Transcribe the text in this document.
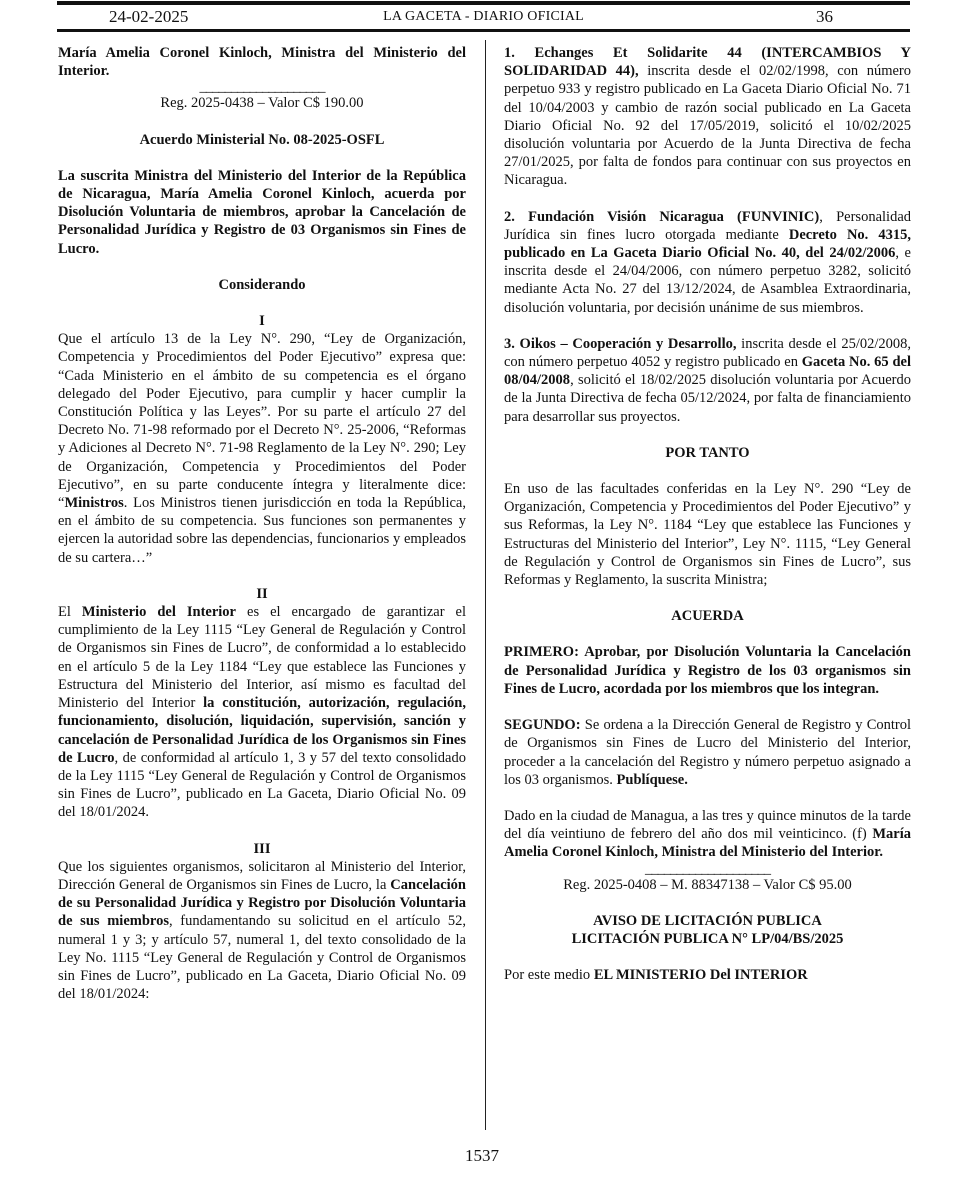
24-02-2025	LA GACETA - DIARIO OFICIAL	36

María Amelia Coronel Kinloch, Ministra del Ministerio del Interior.

____________________

Reg. 2025-0438 – Valor C$ 190.00

Acuerdo Ministerial No. 08-2025-OSFL

La suscrita Ministra del Ministerio del Interior de la República de Nicaragua, María Amelia Coronel Kinloch, acuerda por Disolución Voluntaria de miembros, aprobar la Cancelación de Personalidad Jurídica y Registro de 03 Organismos sin Fines de Lucro.

Considerando

I

Que el artículo 13 de la Ley N°. 290, “Ley de Organización, Competencia y Procedimientos del Poder Ejecutivo” expresa que: “Cada Ministerio en el ámbito de su competencia es el órgano delegado del Poder Ejecutivo, para cumplir y hacer cumplir la Constitución Política y las Leyes”. Por su parte el artículo 27 del Decreto No. 71-98 reformado por el Decreto N°. 25-2006, “Reformas y Adiciones al Decreto N°. 71-98 Reglamento de la Ley N°. 290; Ley de Organización, Competencia y Procedimientos del Poder Ejecutivo”, en su parte conducente íntegra y literalmente dice: “Ministros. Los Ministros tienen jurisdicción en toda la República, en el ámbito de su competencia. Sus funciones son permanentes y ejercen la autoridad sobre las dependencias, funcionarios y empleados de su cartera…”

II

El Ministerio del Interior es el encargado de garantizar el cumplimiento de la Ley 1115 “Ley General de Regulación y Control de Organismos sin Fines de Lucro”, de conformidad a lo establecido en el artículo 5 de la Ley 1184 “Ley que establece las Funciones y Estructura del Ministerio del Interior, así mismo es facultad del Ministerio del Interior la constitución, autorización, regulación, funcionamiento, disolución, liquidación, supervisión, sanción y cancelación de Personalidad Jurídica de los Organismos sin Fines de Lucro, de conformidad al artículo 1, 3 y 57 del texto consolidado de la Ley 1115 “Ley General de Regulación y Control de Organismos sin Fines de Lucro”, publicado en La Gaceta, Diario Oficial No. 09 del 18/01/2024.

III

Que los siguientes organismos, solicitaron al Ministerio del Interior, Dirección General de Organismos sin Fines de Lucro, la Cancelación de su Personalidad Jurídica y Registro por Disolución Voluntaria de sus miembros, fundamentando su solicitud en el artículo 52, numeral 1 y 3; y artículo 57, numeral 1, del texto consolidado de la Ley No. 1115 “Ley General de Regulación y Control de Organismos sin Fines de Lucro”, publicado en La Gaceta, Diario Oficial No. 09 del 18/01/2024:

1. Echanges Et Solidarite 44 (INTERCAMBIOS Y SOLIDARIDAD 44), inscrita desde el 02/02/1998, con número perpetuo 933 y registro publicado en La Gaceta Diario Oficial No. 71 del 10/04/2003 y cambio de razón social publicado en La Gaceta Diario Oficial No. 92 del 17/05/2019, solicitó el 10/02/2025 disolución voluntaria por Acuerdo de la Junta Directiva de fecha 27/01/2025, por falta de fondos para continuar con sus proyectos en Nicaragua.

2. Fundación Visión Nicaragua (FUNVINIC), Personalidad Jurídica sin fines lucro otorgada mediante Decreto No. 4315, publicado en La Gaceta Diario Oficial No. 40, del 24/02/2006, e inscrita desde el 24/04/2006, con número perpetuo 3282, solicitó mediante Acta No. 27 del 13/12/2024, de Asamblea Extraordinaria, disolución voluntaria, por decisión unánime de sus miembros.

3. Oikos – Cooperación y Desarrollo, inscrita desde el 25/02/2008, con número perpetuo 4052 y registro publicado en Gaceta No. 65 del 08/04/2008, solicitó el 18/02/2025 disolución voluntaria por Acuerdo de la Junta Directiva de fecha 05/12/2024, por falta de financiamiento para desarrollar sus proyectos.

POR TANTO

En uso de las facultades conferidas en la Ley N°. 290 “Ley de Organización, Competencia y Procedimientos del Poder Ejecutivo” y sus Reformas, la Ley N°. 1184 “Ley que establece las Funciones y Estructuras del Ministerio del Interior”, Ley N°. 1115, “Ley General de Regulación y Control de Organismos sin Fines de Lucro”, sus Reformas y Reglamento, la suscrita Ministra;

ACUERDA

PRIMERO: Aprobar, por Disolución Voluntaria la Cancelación de Personalidad Jurídica y Registro de los 03 organismos sin Fines de Lucro, acordada por los miembros que los integran.

SEGUNDO: Se ordena a la Dirección General de Registro y Control de Organismos sin Fines de Lucro del Ministerio del Interior, proceder a la cancelación del Registro y número perpetuo asignado a los 03 organismos. Publíquese.

Dado en la ciudad de Managua, a las tres y quince minutos de la tarde del día veintiuno de febrero del año dos mil veinticinco. (f) María Amelia Coronel Kinloch, Ministra del Ministerio del Interior.

____________________

Reg. 2025-0408 – M. 88347138 – Valor C$ 95.00

AVISO DE LICITACIÓN PUBLICA

LICITACIÓN PUBLICA N° LP/04/BS/2025

Por este medio EL MINISTERIO Del INTERIOR

1537
